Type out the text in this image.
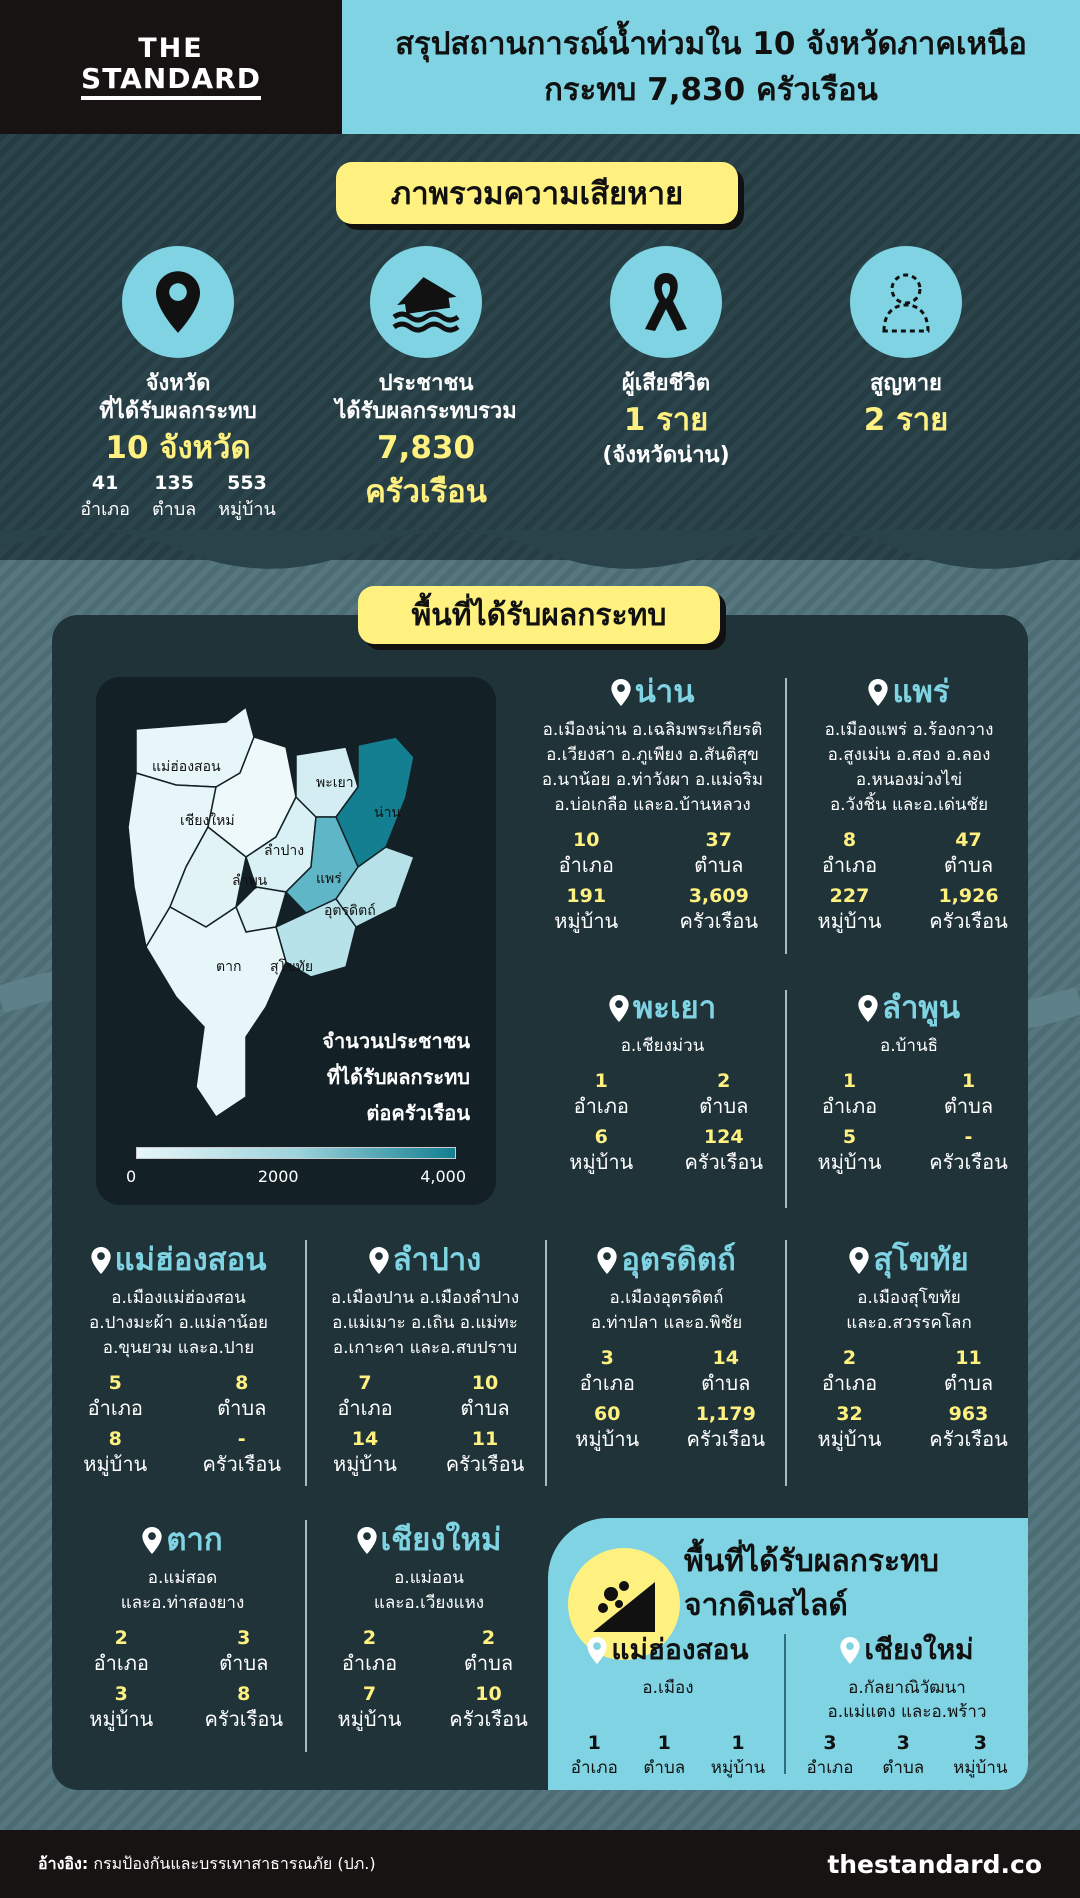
THE
STANDARD
สรุปสถานการณ์น้ำท่วมใน 10 จังหวัดภาคเหนือ
กระทบ 7,830 ครัวเรือน
ภาพรวมความเสียหาย
จังหวัด
ที่ได้รับผลกระทบ
10 จังหวัด
41
อำเภอ
135
ตำบล
553
หมู่บ้าน
ประชาชน
ได้รับผลกระทบรวม
7,830
ครัวเรือน
ผู้เสียชีวิต
1 ราย
(จังหวัดน่าน)
สูญหาย
2 ราย
พื้นที่ได้รับผลกระทบ
แม่ฮ่องสอน
เชียงใหม่
ลำปาง
ลำพูน
พะเยา
น่าน
แพร่
อุตรดิตถ์
ตาก สุโขทัย
จำนวนประชาชน
ที่ได้รับผลกระทบ
ต่อครัวเรือน
0	2000	4,000
น่าน
อ.เมืองน่าน อ.เฉลิมพระเกียรติ
อ.เวียงสา อ.ภูเพียง อ.สันติสุข
อ.นาน้อย อ.ท่าวังผา อ.แม่จริม
อ.บ่อเกลือ และอ.บ้านหลวง
10
อำเภอ
37
ตำบล
191
หมู่บ้าน
3,609
ครัวเรือน
แพร่
อ.เมืองแพร่ อ.ร้องกวาง
อ.สูงเม่น อ.สอง อ.ลอง
อ.หนองม่วงไข่
อ.วังชิ้น และอ.เด่นชัย
8
อำเภอ
47
ตำบล
227
หมู่บ้าน
1,926
ครัวเรือน
พะเยา
อ.เชียงม่วน
1
อำเภอ
2
ตำบล
6
หมู่บ้าน
124
ครัวเรือน
ลำพูน
อ.บ้านธิ
1
อำเภอ
1
ตำบล
5
หมู่บ้าน
-
ครัวเรือน
แม่ฮ่องสอน
อ.เมืองแม่ฮ่องสอน
อ.ปางมะผ้า อ.แม่ลาน้อย
อ.ขุนยวม และอ.ปาย
5
อำเภอ
8
ตำบล
8
หมู่บ้าน
-
ครัวเรือน
ลำปาง
อ.เมืองปาน อ.เมืองลำปาง
อ.แม่เมาะ อ.เถิน อ.แม่ทะ
อ.เกาะคา และอ.สบปราบ
7
อำเภอ
10
ตำบล
14
หมู่บ้าน
11
ครัวเรือน
อุตรดิตถ์
อ.เมืองอุตรดิตถ์
อ.ท่าปลา และอ.พิชัย
3
อำเภอ
14
ตำบล
60
หมู่บ้าน
1,179
ครัวเรือน
สุโขทัย
อ.เมืองสุโขทัย
และอ.สวรรคโลก
2
อำเภอ
11
ตำบล
32
หมู่บ้าน
963
ครัวเรือน
ตาก
อ.แม่สอด
และอ.ท่าสองยาง
2
อำเภอ
3
ตำบล
3
หมู่บ้าน
8
ครัวเรือน
เชียงใหม่
อ.แม่ออน
และอ.เวียงแหง
2
อำเภอ
2
ตำบล
7
หมู่บ้าน
10
ครัวเรือน
พื้นที่ได้รับผลกระทบ
จากดินสไลด์
แม่ฮ่องสอน
อ.เมือง
1
อำเภอ
1
ตำบล
1
หมู่บ้าน
เชียงใหม่
อ.กัลยาณิวัฒนา
อ.แม่แตง และอ.พร้าว
3
อำเภอ
3
ตำบล
3
หมู่บ้าน
อ้างอิง: กรมป้องกันและบรรเทาสาธารณภัย (ปภ.)	thestandard.co
